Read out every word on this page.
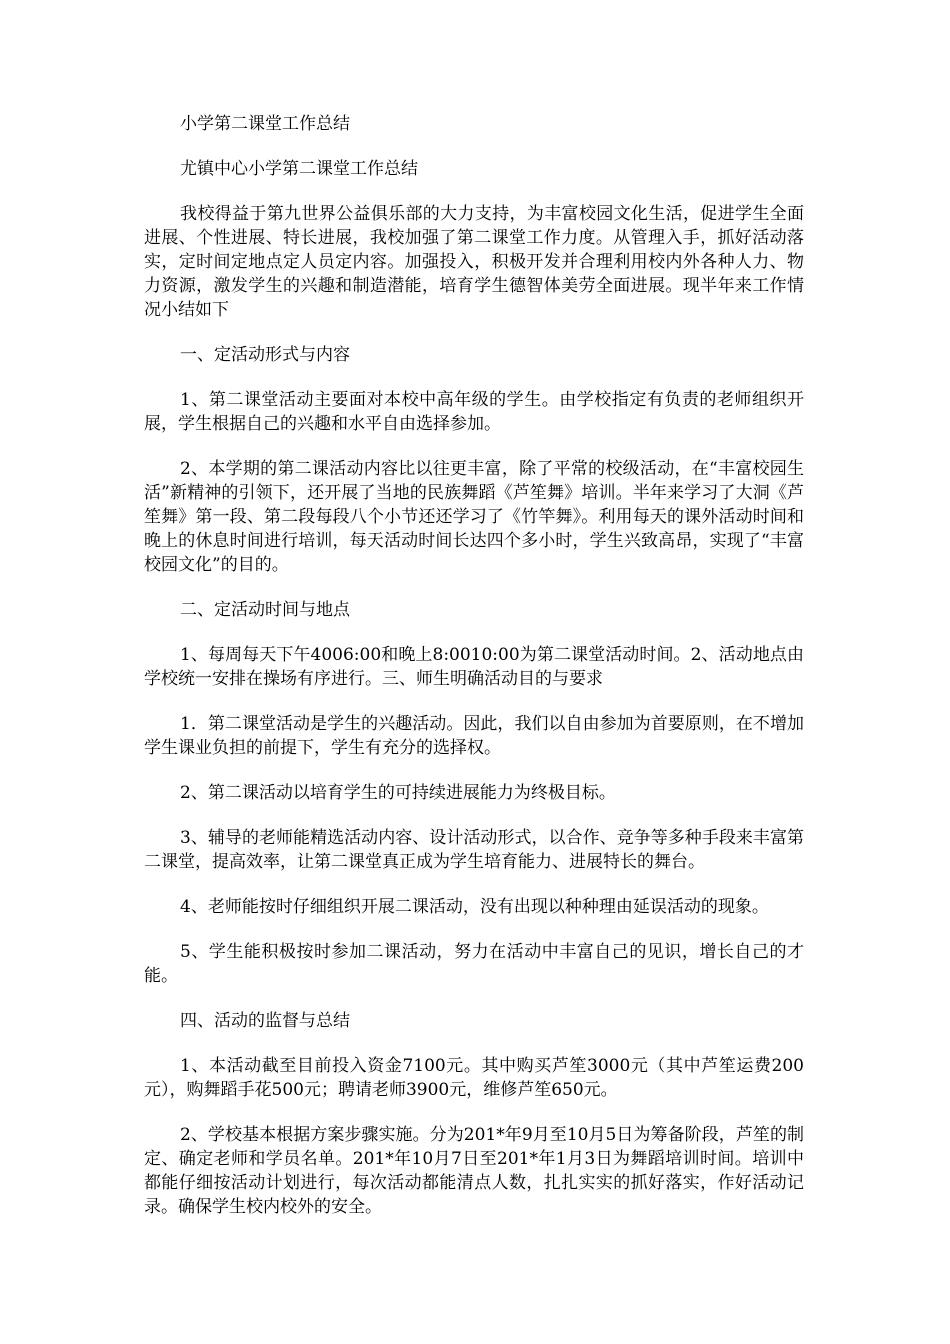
小学第二课堂工作总结

尤镇中心小学第二课堂工作总结

我校得益于第九世界公益俱乐部的大力支持，为丰富校园文化生活，促进学生全面进展、个性进展、特长进展，我校加强了第二课堂工作力度。从管理入手，抓好活动落实，定时间定地点定人员定内容。加强投入，积极开发并合理利用校内外各种人力、物力资源，激发学生的兴趣和制造潜能，培育学生德智体美劳全面进展。现半年来工作情况小结如下

一、定活动形式与内容

1、第二课堂活动主要面对本校中高年级的学生。由学校指定有负责的老师组织开展，学生根据自己的兴趣和水平自由选择参加。

2、本学期的第二课活动内容比以往更丰富，除了平常的校级活动，在“丰富校园生活”新精神的引领下，还开展了当地的民族舞蹈《芦笙舞》培训。半年来学习了大洞《芦笙舞》第一段、第二段每段八个小节还还学习了《竹竿舞》。利用每天的课外活动时间和晚上的休息时间进行培训，每天活动时间长达四个多小时，学生兴致高昂，实现了“丰富校园文化”的目的。

二、定活动时间与地点

1、每周每天下午4006:00和晚上8:0010:00为第二课堂活动时间。2、活动地点由学校统一安排在操场有序进行。三、师生明确活动目的与要求

1．第二课堂活动是学生的兴趣活动。因此，我们以自由参加为首要原则，在不增加学生课业负担的前提下，学生有充分的选择权。

2、第二课活动以培育学生的可持续进展能力为终极目标。

3、辅导的老师能精选活动内容、设计活动形式，以合作、竞争等多种手段来丰富第二课堂，提高效率，让第二课堂真正成为学生培育能力、进展特长的舞台。

4、老师能按时仔细组织开展二课活动，没有出现以种种理由延误活动的现象。

5、学生能积极按时参加二课活动，努力在活动中丰富自己的见识，增长自己的才能。

四、活动的监督与总结

1、本活动截至目前投入资金7100元。其中购买芦笙3000元（其中芦笙运费200元），购舞蹈手花500元；聘请老师3900元，维修芦笙650元。

2、学校基本根据方案步骤实施。分为201*年9月至10月5日为筹备阶段，芦笙的制定、确定老师和学员名单。201*年10月7日至201*年1月3日为舞蹈培训时间。培训中都能仔细按活动计划进行，每次活动都能清点人数，扎扎实实的抓好落实，作好活动记录。确保学生校内校外的安全。
